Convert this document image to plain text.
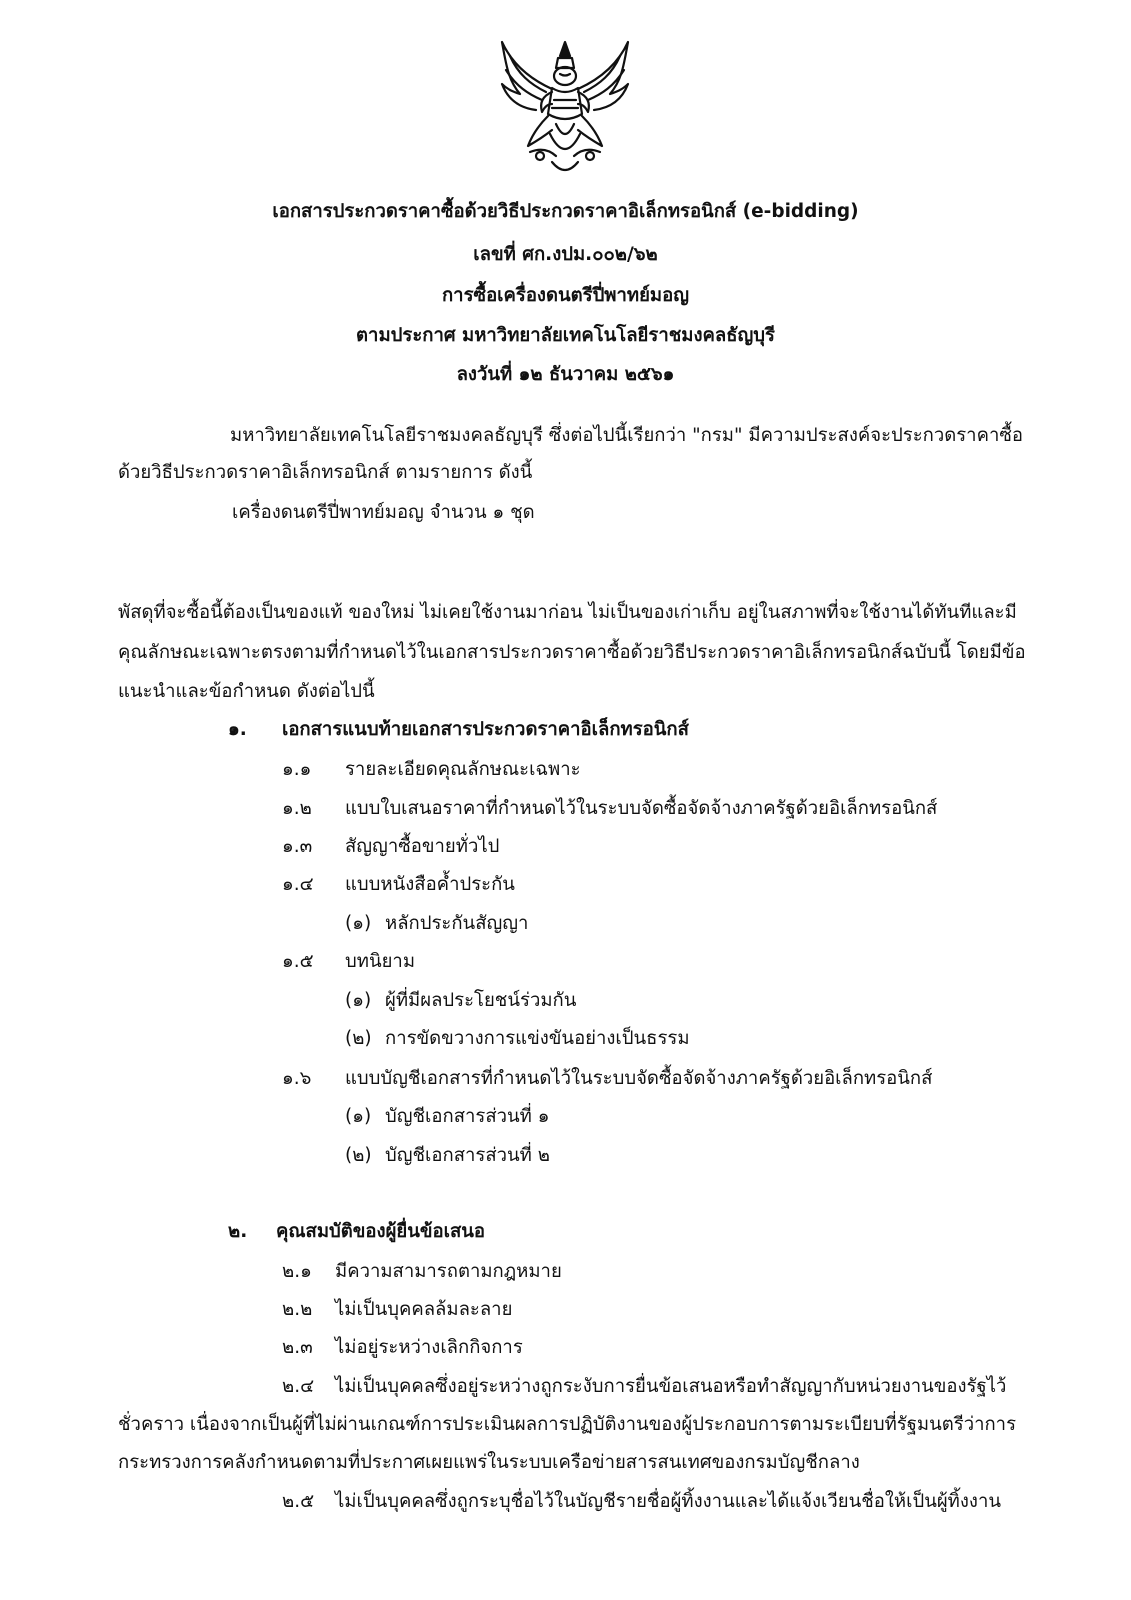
เอกสารประกวดราคาซื้อด้วยวิธีประกวดราคาอิเล็กทรอนิกส์ (e-bidding)
เลขที่ ศก.งปม.๐๐๒/๖๒
การซื้อเครื่องดนตรีปี่พาทย์มอญ
ตามประกาศ มหาวิทยาลัยเทคโนโลยีราชมงคลธัญบุรี
ลงวันที่ ๑๒ ธันวาคม ๒๕๖๑
มหาวิทยาลัยเทคโนโลยีราชมงคลธัญบุรี ซึ่งต่อไปนี้เรียกว่า "กรม" มีความประสงค์จะประกวดราคาซื้อ
ด้วยวิธีประกวดราคาอิเล็กทรอนิกส์ ตามรายการ ดังนี้
เครื่องดนตรีปี่พาทย์มอญ จำนวน ๑ ชุด
พัสดุที่จะซื้อนี้ต้องเป็นของแท้ ของใหม่ ไม่เคยใช้งานมาก่อน ไม่เป็นของเก่าเก็บ อยู่ในสภาพที่จะใช้งานได้ทันทีและมี
คุณลักษณะเฉพาะตรงตามที่กำหนดไว้ในเอกสารประกวดราคาซื้อด้วยวิธีประกวดราคาอิเล็กทรอนิกส์ฉบับนี้ โดยมีข้อ
แนะนำและข้อกำหนด ดังต่อไปนี้
๑. เอกสารแนบท้ายเอกสารประกวดราคาอิเล็กทรอนิกส์
๑.๑ รายละเอียดคุณลักษณะเฉพาะ
๑.๒ แบบใบเสนอราคาที่กำหนดไว้ในระบบจัดซื้อจัดจ้างภาครัฐด้วยอิเล็กทรอนิกส์
๑.๓ สัญญาซื้อขายทั่วไป
๑.๔ แบบหนังสือค้ำประกัน
(๑) หลักประกันสัญญา
๑.๕ บทนิยาม
(๑) ผู้ที่มีผลประโยชน์ร่วมกัน
(๒) การขัดขวางการแข่งขันอย่างเป็นธรรม
๑.๖ แบบบัญชีเอกสารที่กำหนดไว้ในระบบจัดซื้อจัดจ้างภาครัฐด้วยอิเล็กทรอนิกส์
(๑) บัญชีเอกสารส่วนที่ ๑
(๒) บัญชีเอกสารส่วนที่ ๒
๒. คุณสมบัติของผู้ยื่นข้อเสนอ
๒.๑ มีความสามารถตามกฎหมาย
๒.๒ ไม่เป็นบุคคลล้มละลาย
๒.๓ ไม่อยู่ระหว่างเลิกกิจการ
๒.๔ ไม่เป็นบุคคลซึ่งอยู่ระหว่างถูกระงับการยื่นข้อเสนอหรือทำสัญญากับหน่วยงานของรัฐไว้
ชั่วคราว เนื่องจากเป็นผู้ที่ไม่ผ่านเกณฑ์การประเมินผลการปฏิบัติงานของผู้ประกอบการตามระเบียบที่รัฐมนตรีว่าการ
กระทรวงการคลังกำหนดตามที่ประกาศเผยแพร่ในระบบเครือข่ายสารสนเทศของกรมบัญชีกลาง
๒.๕ ไม่เป็นบุคคลซึ่งถูกระบุชื่อไว้ในบัญชีรายชื่อผู้ทิ้งงานและได้แจ้งเวียนชื่อให้เป็นผู้ทิ้งงาน
